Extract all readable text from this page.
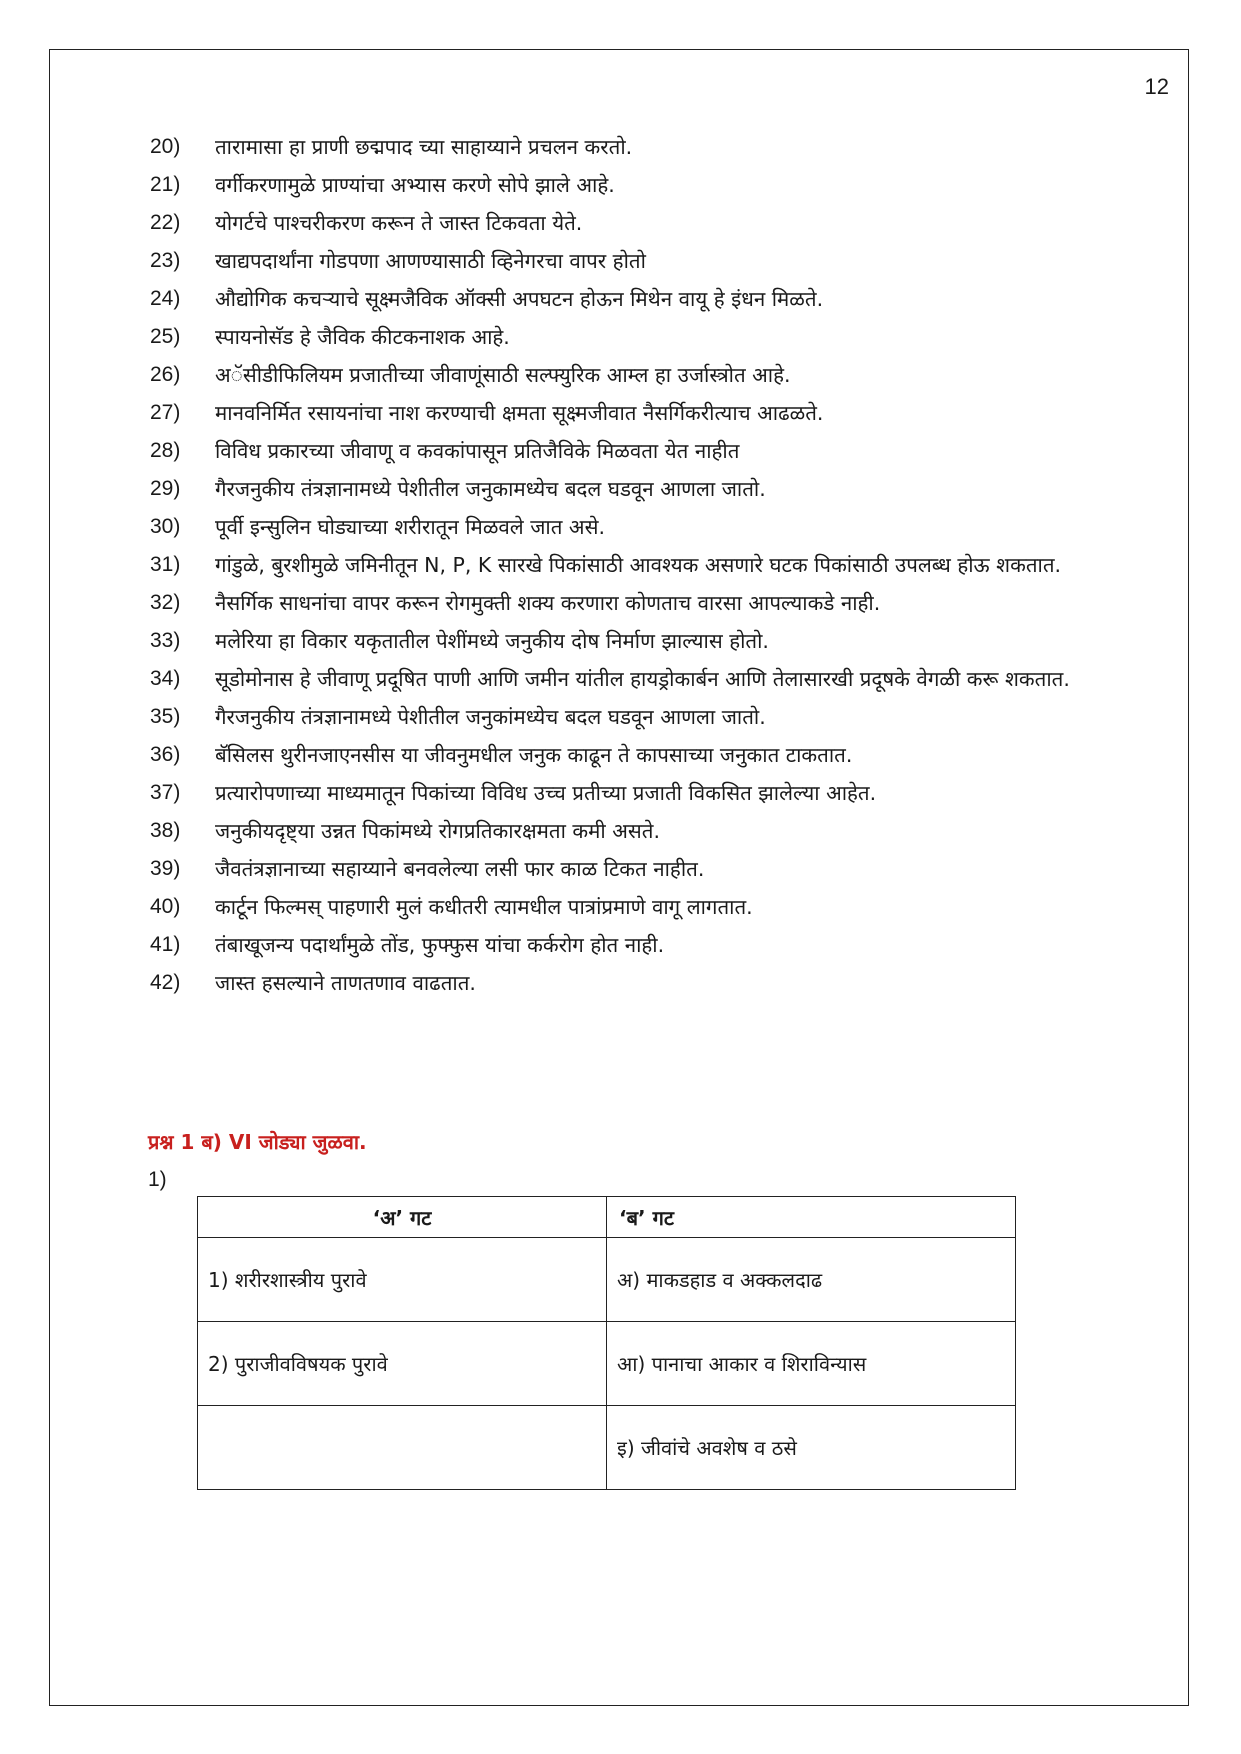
12
20)	तारामासा हा प्राणी छद्मपाद च्या साहाय्याने प्रचलन करतो.
21)	वर्गीकरणामुळे प्राण्यांचा अभ्यास करणे सोपे झाले आहे.
22)	योगर्टचे पाश्चरीकरण करून ते जास्त टिकवता येते.
23)	खाद्यपदार्थांना गोडपणा आणण्यासाठी व्हिनेगरचा वापर होतो
24)	औद्योगिक कचऱ्याचे सूक्ष्मजैविक ऑक्सी अपघटन होऊन मिथेन वायू हे इंधन मिळते.
25)	स्पायनोसॅड हे जैविक कीटकनाशक आहे.
26)	अॅसीडीफिलियम प्रजातीच्या जीवाणूंसाठी सल्फ्युरिक आम्ल हा उर्जास्त्रोत आहे.
27)	मानवनिर्मित रसायनांचा नाश करण्याची क्षमता सूक्ष्मजीवात नैसर्गिकरीत्याच आढळते.
28)	विविध प्रकारच्या जीवाणू व कवकांपासून प्रतिजैविके मिळवता येत नाहीत
29)	गैरजनुकीय तंत्रज्ञानामध्ये पेशीतील जनुकामध्येच बदल घडवून आणला जातो.
30)	पूर्वी इन्सुलिन घोड्याच्या शरीरातून मिळवले जात असे.
31)	गांडुळे, बुरशीमुळे जमिनीतून N, P, K सारखे पिकांसाठी आवश्यक असणारे घटक पिकांसाठी उपलब्ध होऊ शकतात.
32)	नैसर्गिक साधनांचा वापर करून रोगमुक्ती शक्य करणारा कोणताच वारसा आपल्याकडे नाही.
33)	मलेरिया हा विकार यकृतातील पेशींमध्ये जनुकीय दोष निर्माण झाल्यास होतो.
34)	सूडोमोनास हे जीवाणू प्रदूषित पाणी आणि जमीन यांतील हायड्रोकार्बन आणि तेलासारखी प्रदूषके वेगळी करू शकतात.
35)	गैरजनुकीय तंत्रज्ञानामध्ये पेशीतील जनुकांमध्येच बदल घडवून आणला जातो.
36)	बॅसिलस थुरीनजाएनसीस या जीवनुमधील जनुक काढून ते कापसाच्या जनुकात टाकतात.
37)	प्रत्यारोपणाच्या माध्यमातून पिकांच्या विविध उच्च प्रतीच्या प्रजाती विकसित झालेल्या आहेत.
38)	जनुकीयदृष्ट्या उन्नत पिकांमध्ये रोगप्रतिकारक्षमता कमी असते.
39)	जैवतंत्रज्ञानाच्या सहाय्याने बनवलेल्या लसी फार काळ टिकत नाहीत.
40)	कार्टून फिल्मस् पाहणारी मुलं कधीतरी त्यामधील पात्रांप्रमाणे वागू लागतात.
41)	तंबाखूजन्य पदार्थांमुळे तोंड, फुफ्फुस यांचा कर्करोग होत नाही.
42)	जास्त हसल्याने ताणतणाव वाढतात.
प्रश्न 1 ब) VI जोड्या जुळवा.
1)
‘अ’ गट	‘ब’ गट
1) शरीरशास्त्रीय पुरावे	अ) माकडहाड व अक्कलदाढ
2) पुराजीवविषयक पुरावे	आ) पानाचा आकार व शिराविन्यास
	इ) जीवांचे अवशेष व ठसे
